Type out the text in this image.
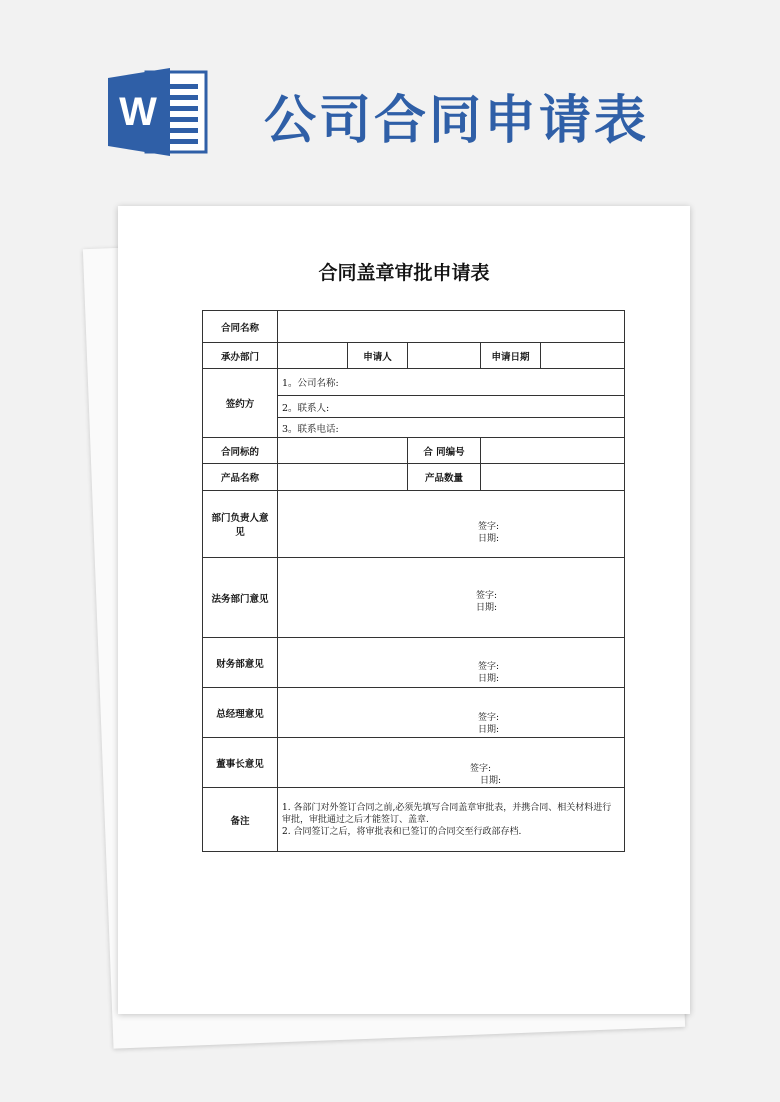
W 公司合同申请表
合同盖章审批申请表
合同名称					
承办部门		申请人		申请日期	
签约方	1。公司名称:				
	2。联系人:				
	3。联系电话:				
合同标的			合 同编号		
产品名称			产品数量		
部门负责人意见	签字:
日期:				

法务部门意见	签字:
日期:				

财务部意见	签字:
日期:				

总经理意见	签字:
日期:				

董事长意见	签字:
日期:				

备注	1. 各部门对外签订合同之前,必须先填写合同盖章审批表，并携合同、相关材料进行审批，审批通过之后才能签订、盖章.
2. 合同签订之后，将审批表和已签订的合同交至行政部存档.				
